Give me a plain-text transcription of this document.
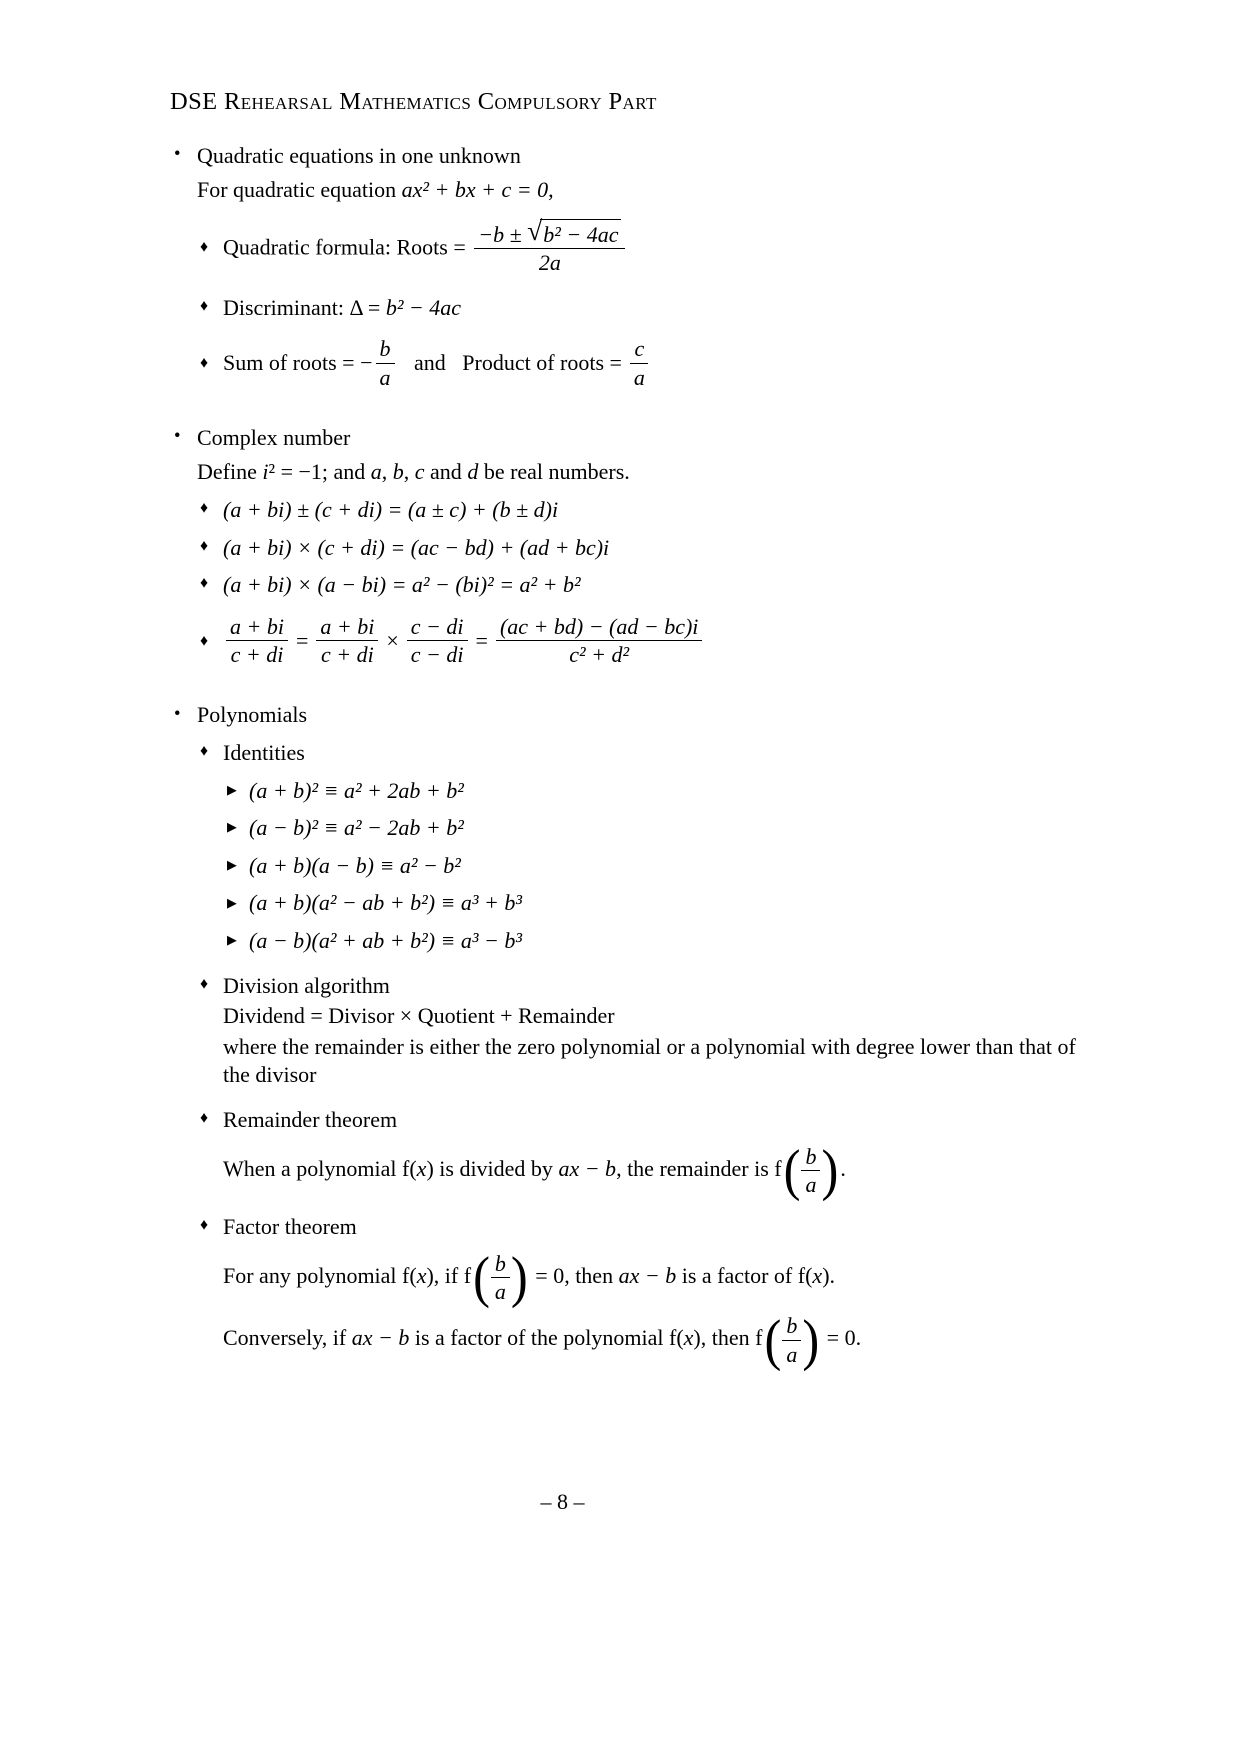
DSE Rehearsal Mathematics Compulsory Part
• Quadratic equations in one unknown

For quadratic equation ax² + bx + c = 0,

♦ Quadratic formula: Roots = $\frac{\text{−b ± √ b² − 4ac}}{2a}$
♦ Discriminant: Δ = b² − 4ac
♦ Sum of roots = − $\frac{b}{a}$   and  Product of roots = $\frac{c}{a}$
• Complex number

Define i² = −1; and a, b, c and d be real numbers.

♦ (a + bi) ± (c + di) = (a ± c) + (b ± d)i
♦ (a + bi) × (c + di) = (ac − bd) + (ad + bc)i
♦ (a + bi) × (a − bi) = a² − (bi)² = a² + b²
♦ $\frac{a + bi}{c + di} = \frac{a + bi}{c + di} \times \frac{c - di}{c - di} = \frac{(ac + bd) - (ad - bc)i}{\text{c² + d²}}$
• Polynomials
♦ Identities
▶ (a + b)² ≡ a² + 2ab + b²
▶ (a − b)² ≡ a² − 2ab + b²
▶ (a + b)(a − b) ≡ a² − b²
▶ (a + b)(a² − ab + b²) ≡ a³ + b³
▶ (a − b)(a² + ab + b²) ≡ a³ − b³
♦ Division algorithm

Dividend = Divisor × Quotient + Remainder

where the remainder is either the zero polynomial or a polynomial with degree lower than that of the divisor

♦ Remainder theorem

When a polynomial f(x) is divided by ax − b, the remainder is f ( $\frac{b}{a}$ ) .

♦ Factor theorem

For any polynomial f(x), if f ( $\frac{b}{a}$ ) = 0, then ax − b is a factor of f(x).

Conversely, if ax − b is a factor of the polynomial f(x), then f ( $\frac{b}{a}$ ) = 0.

– 8 –
